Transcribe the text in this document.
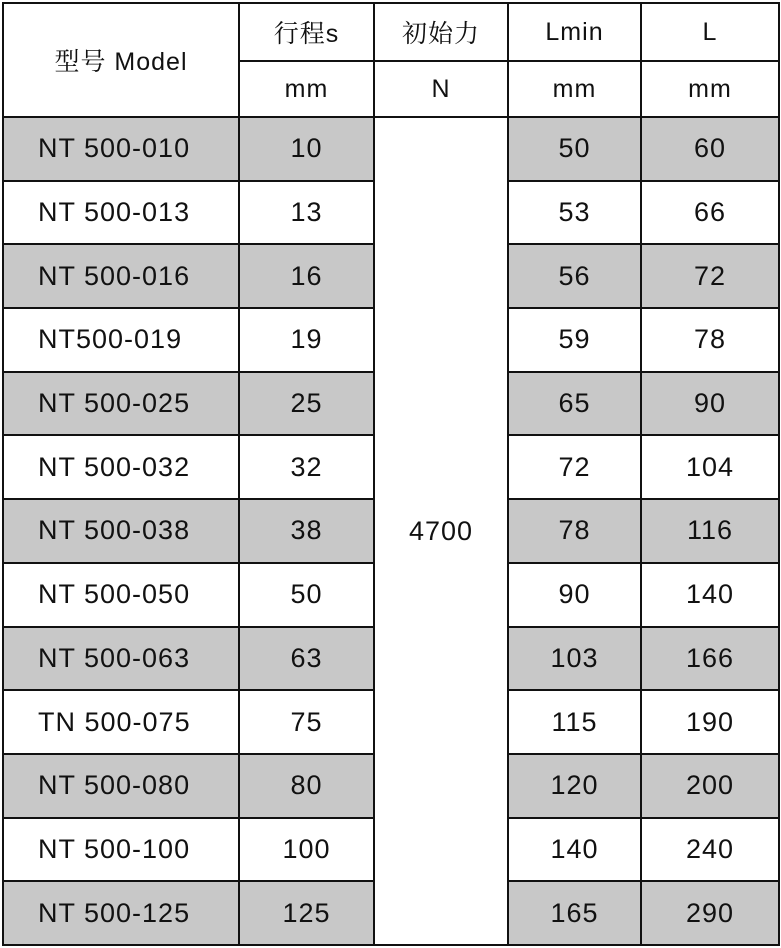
型号 Model	行程s	初始力	Lmin	L
	mm	N	mm	mm
NT 500-010	10	4700	50	60
NT 500-013	13		53	66
NT 500-016	16		56	72
NT500-019	19		59	78
NT 500-025	25		65	90
NT 500-032	32		72	104
NT 500-038	38		78	116
NT 500-050	50		90	140
NT 500-063	63		103	166
TN 500-075	75		115	190
NT 500-080	80		120	200
NT 500-100	100		140	240
NT 500-125	125		165	290
